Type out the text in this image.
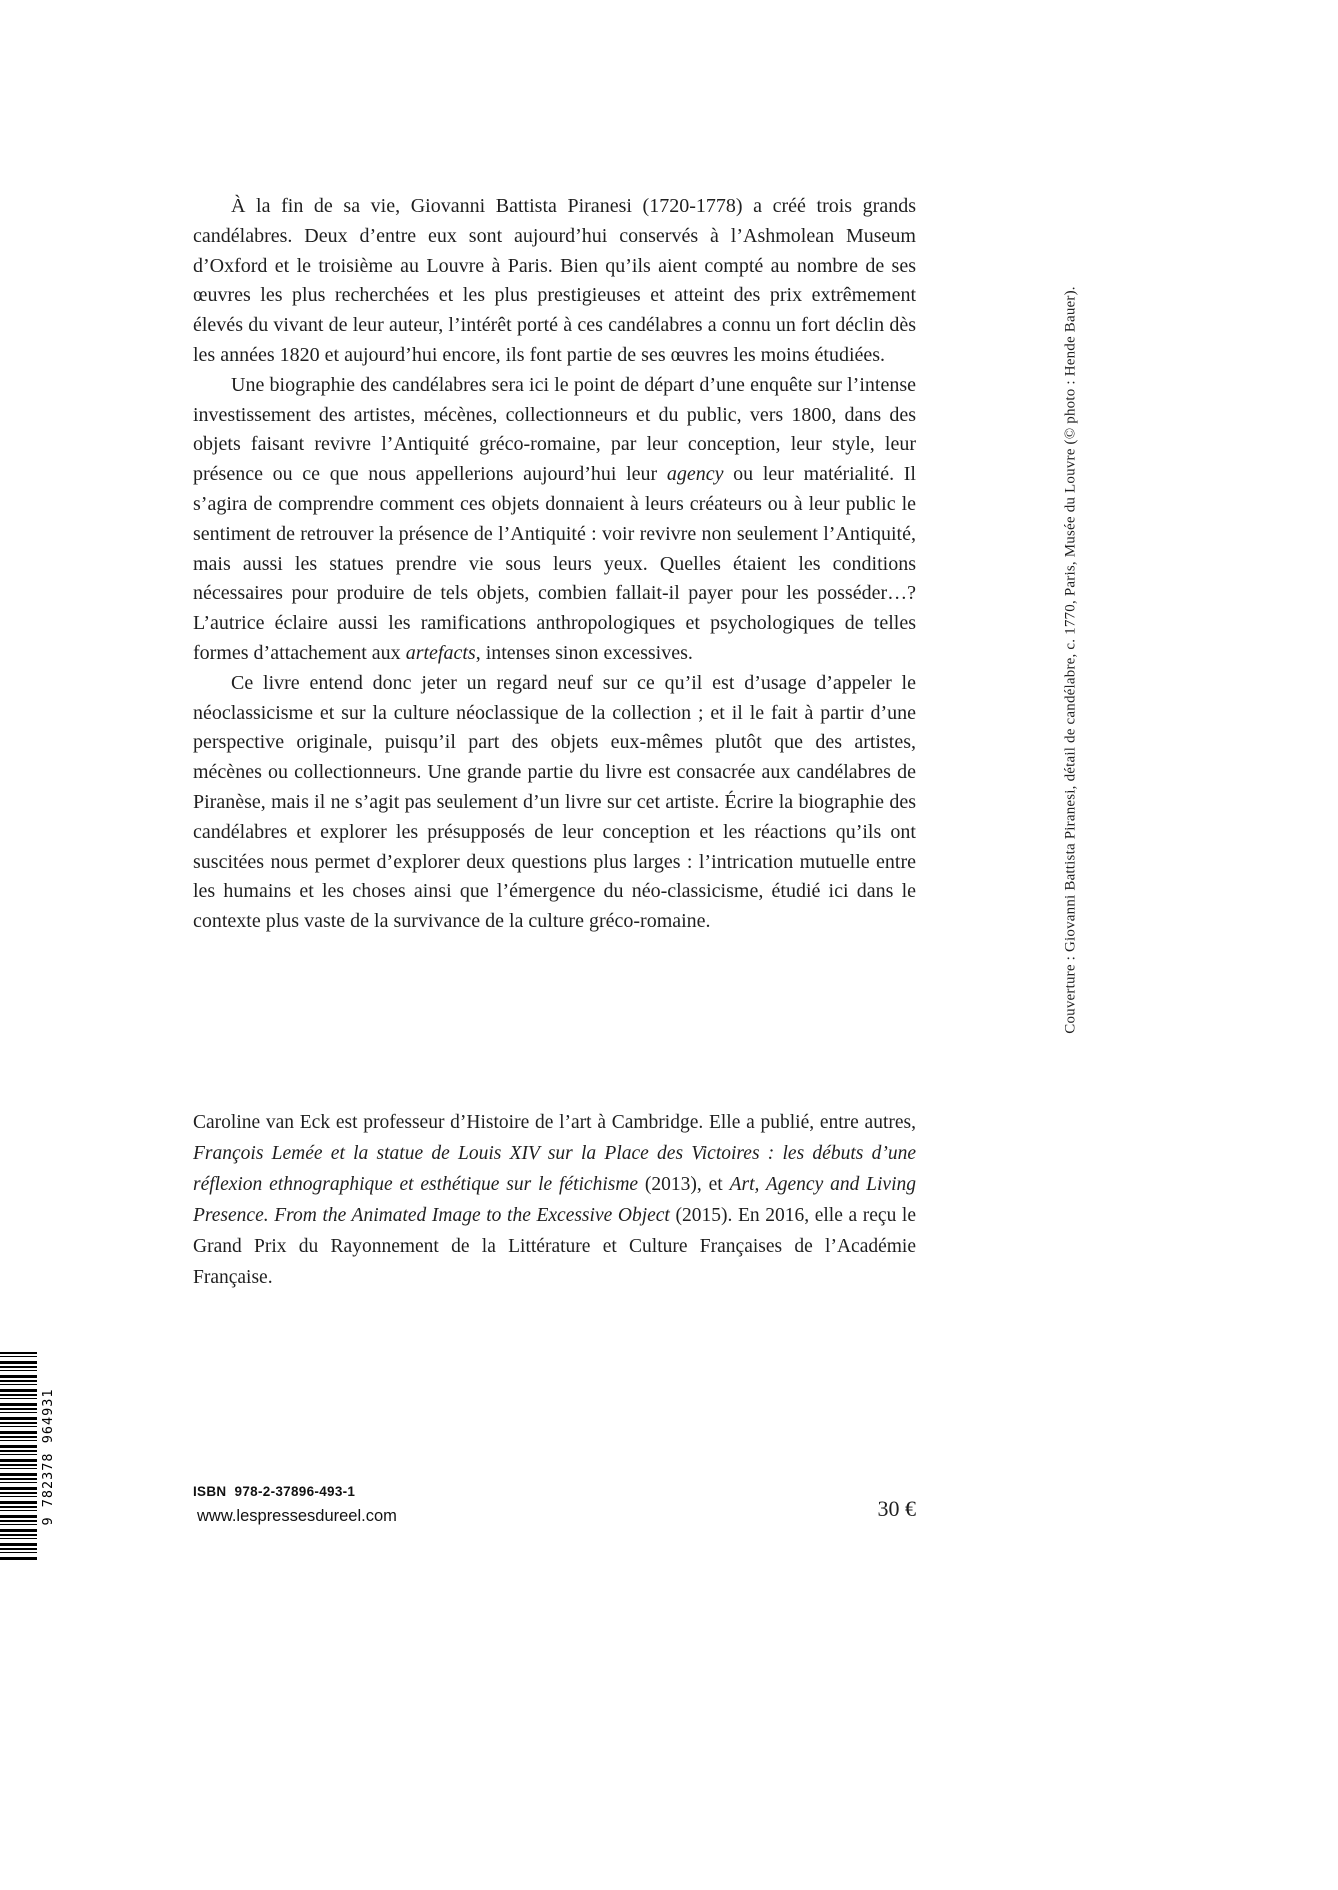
À la fin de sa vie, Giovanni Battista Piranesi (1720-1778) a créé trois grands candélabres. Deux d’entre eux sont aujourd’hui conservés à l’Ashmolean Museum d’Oxford et le troisième au Louvre à Paris. Bien qu’ils aient compté au nombre de ses œuvres les plus recherchées et les plus prestigieuses et atteint des prix extrêmement élevés du vivant de leur auteur, l’intérêt porté à ces candélabres a connu un fort déclin dès les années 1820 et aujourd’hui encore, ils font partie de ses œuvres les moins étudiées.

Une biographie des candélabres sera ici le point de départ d’une enquête sur l’intense investissement des artistes, mécènes, collectionneurs et du public, vers 1800, dans des objets faisant revivre l’Antiquité gréco-romaine, par leur conception, leur style, leur présence ou ce que nous appellerions aujourd’hui leur agency ou leur matérialité. Il s’agira de comprendre comment ces objets donnaient à leurs créateurs ou à leur public le sentiment de retrouver la présence de l’Antiquité : voir revivre non seulement l’Antiquité, mais aussi les statues prendre vie sous leurs yeux. Quelles étaient les conditions nécessaires pour produire de tels objets, combien fallait-il payer pour les posséder…? L’autrice éclaire aussi les ramifications anthropologiques et psychologiques de telles formes d’attachement aux artefacts, intenses sinon excessives.

Ce livre entend donc jeter un regard neuf sur ce qu’il est d’usage d’appeler le néoclassicisme et sur la culture néoclassique de la collection ; et il le fait à partir d’une perspective originale, puisqu’il part des objets eux-mêmes plutôt que des artistes, mécènes ou collectionneurs. Une grande partie du livre est consacrée aux candélabres de Piranèse, mais il ne s’agit pas seulement d’un livre sur cet artiste. Écrire la biographie des candélabres et explorer les présupposés de leur conception et les réactions qu’ils ont suscitées nous permet d’explorer deux questions plus larges : l’intrication mutuelle entre les humains et les choses ainsi que l’émergence du néo-classicisme, étudié ici dans le contexte plus vaste de la survivance de la culture gréco-romaine.

Caroline van Eck est professeur d’Histoire de l’art à Cambridge. Elle a publié, entre autres, François Lemée et la statue de Louis XIV sur la Place des Victoires : les débuts d’une réflexion ethnographique et esthétique sur le fétichisme (2013), et Art, Agency and Living Presence. From the Animated Image to the Excessive Object (2015). En 2016, elle a reçu le Grand Prix du Rayonnement de la Littérature et Culture Françaises de l’Académie Française.

Couverture : Giovanni Battista Piranesi, détail de candélabre, c. 1770, Paris, Musée du Louvre (© photo : Hende Bauer).
9 782378 964931	ISBN  978-2-37896-493-1
www.lespressesdureel.com	30 €
